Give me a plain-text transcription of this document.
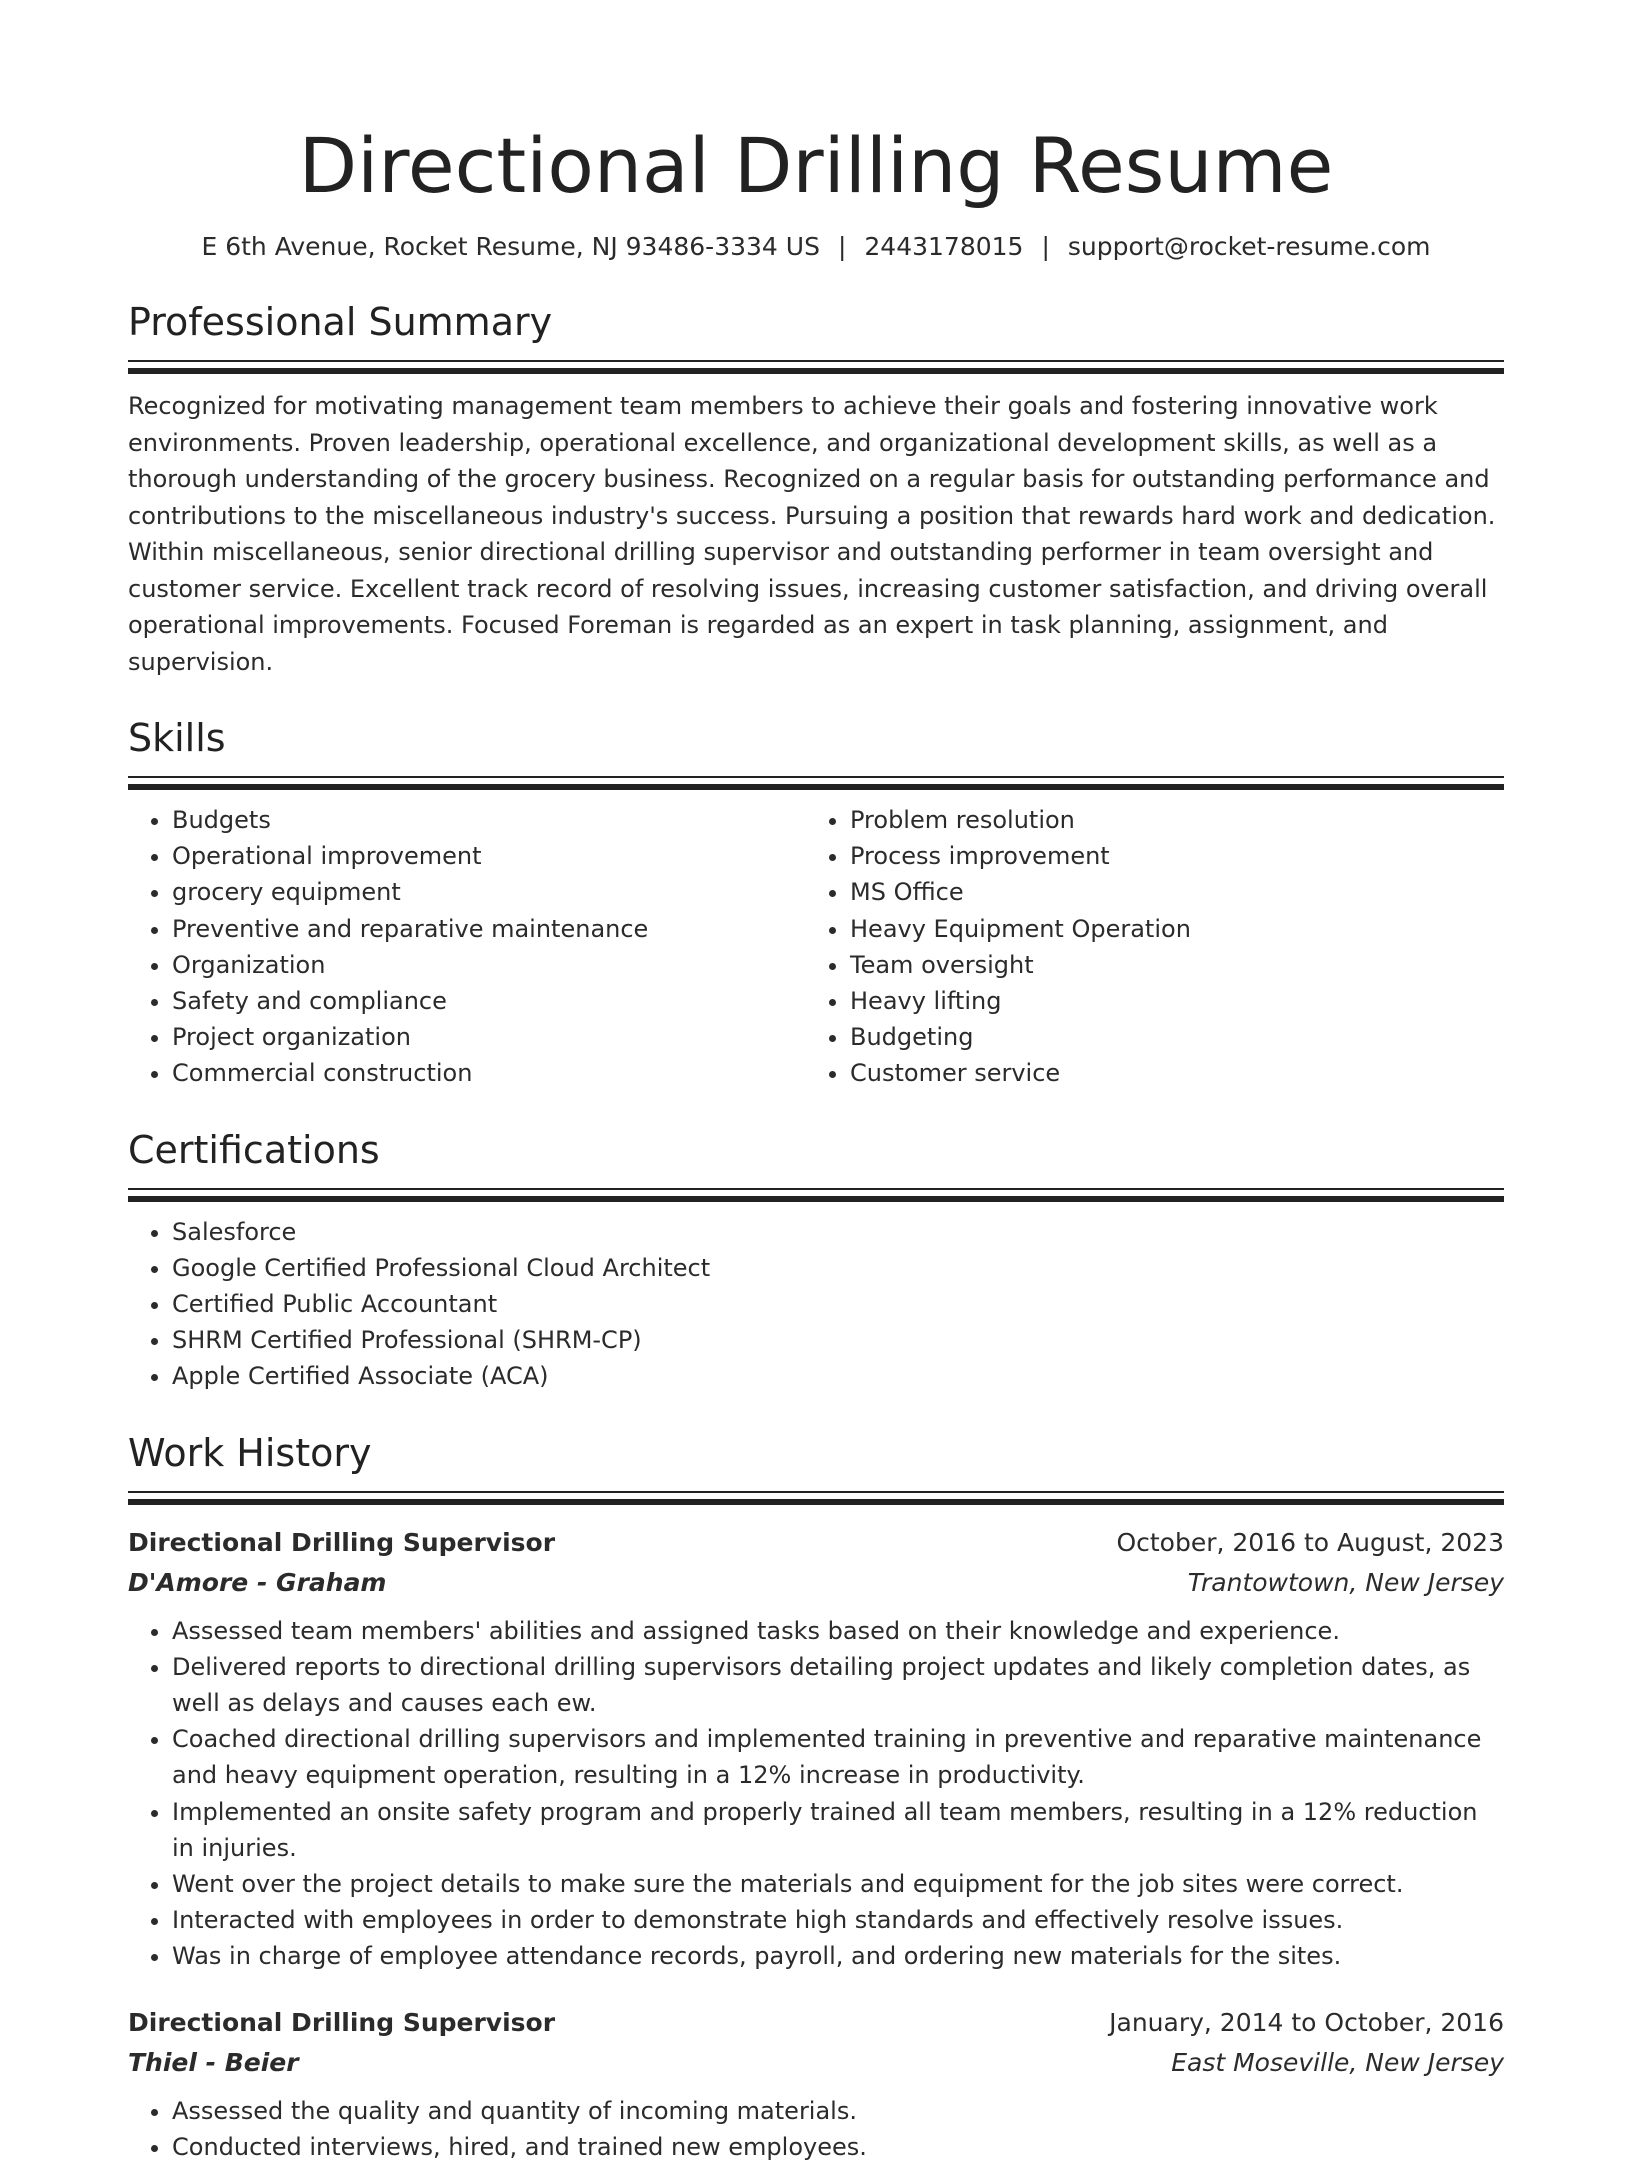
Directional Drilling Resume
E 6th Avenue, Rocket Resume, NJ 93486-3334 US | 2443178015 | support@rocket-resume.com
Professional Summary
Recognized for motivating management team members to achieve their goals and fostering innovative work environments. Proven leadership, operational excellence, and organizational development skills, as well as a thorough understanding of the grocery business. Recognized on a regular basis for outstanding performance and contributions to the miscellaneous industry's success. Pursuing a position that rewards hard work and dedication. Within miscellaneous, senior directional drilling supervisor and outstanding performer in team oversight and customer service. Excellent track record of resolving issues, increasing customer satisfaction, and driving overall operational improvements. Focused Foreman is regarded as an expert in task planning, assignment, and supervision.
Skills
• Budgets
• Operational improvement
• grocery equipment
• Preventive and reparative maintenance
• Organization
• Safety and compliance
• Project organization
• Commercial construction
• Problem resolution
• Process improvement
• MS Office
• Heavy Equipment Operation
• Team oversight
• Heavy lifting
• Budgeting
• Customer service
Certifications
• Salesforce
• Google Certified Professional Cloud Architect
• Certified Public Accountant
• SHRM Certified Professional (SHRM-CP)
• Apple Certified Associate (ACA)
Work History
Directional Drilling Supervisor	October, 2016 to August, 2023
D'Amore - Graham	Trantowtown, New Jersey
• Assessed team members' abilities and assigned tasks based on their knowledge and experience.
• Delivered reports to directional drilling supervisors detailing project updates and likely completion dates, as well as delays and causes each ew.
• Coached directional drilling supervisors and implemented training in preventive and reparative maintenance and heavy equipment operation, resulting in a 12% increase in productivity.
• Implemented an onsite safety program and properly trained all team members, resulting in a 12% reduction in injuries.
• Went over the project details to make sure the materials and equipment for the job sites were correct.
• Interacted with employees in order to demonstrate high standards and effectively resolve issues.
• Was in charge of employee attendance records, payroll, and ordering new materials for the sites.
Directional Drilling Supervisor	January, 2014 to October, 2016
Thiel - Beier	East Moseville, New Jersey
• Assessed the quality and quantity of incoming materials.
• Conducted interviews, hired, and trained new employees.
